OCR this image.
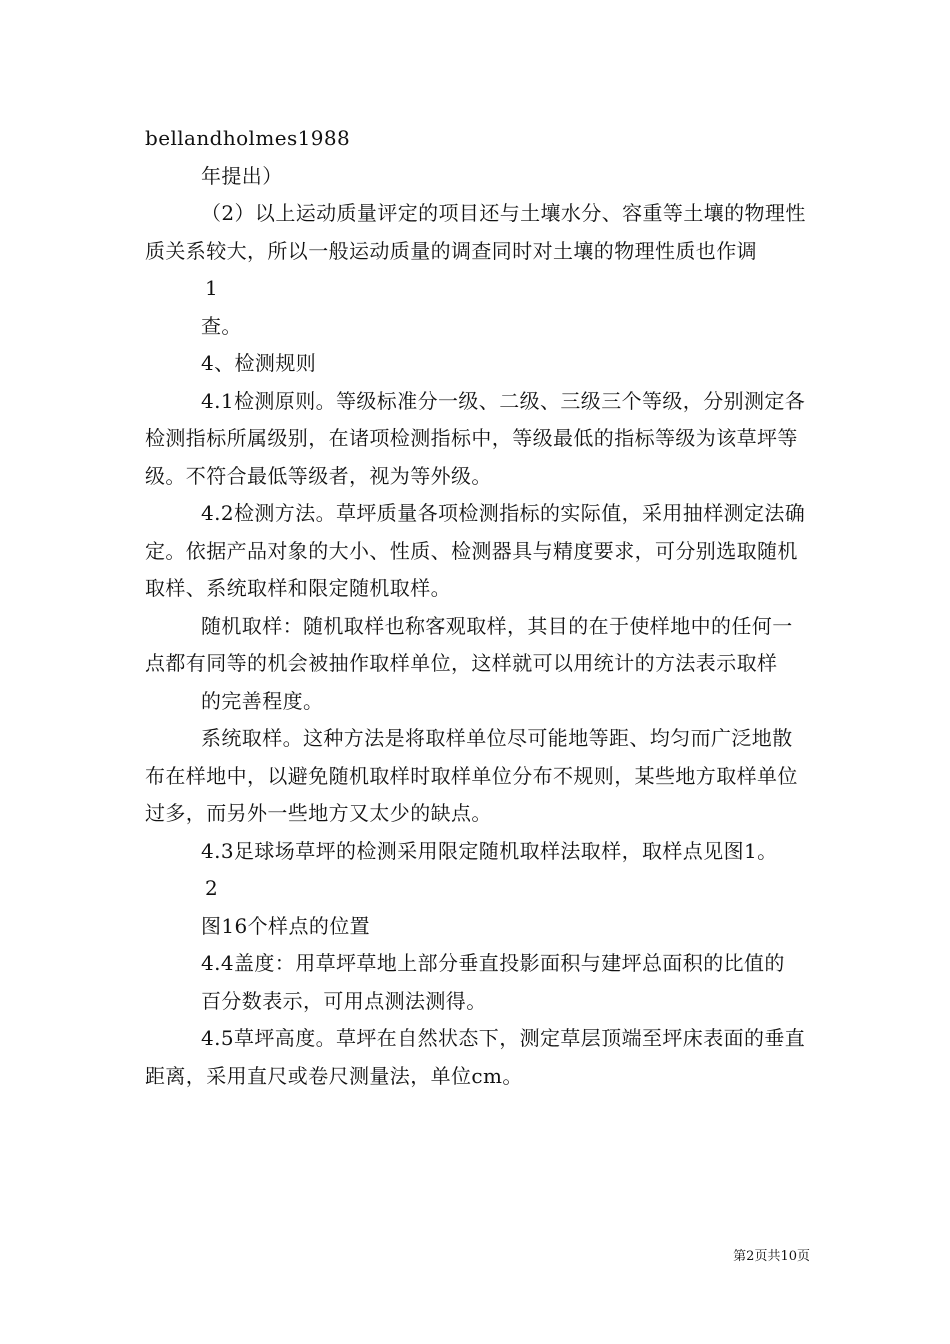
bellandholmes1988

年提出）

（2）以上运动质量评定的项目还与土壤水分、容重等土壤的物理性质关系较大，所以一般运动质量的调查同时对土壤的物理性质也作调

1

查。

4、检测规则

4.1检测原则。等级标准分一级、二级、三级三个等级，分别测定各检测指标所属级别，在诸项检测指标中，等级最低的指标等级为该草坪等级。不符合最低等级者，视为等外级。

4.2检测方法。草坪质量各项检测指标的实际值，采用抽样测定法确定。依据产品对象的大小、性质、检测器具与精度要求，可分别选取随机取样、系统取样和限定随机取样。

随机取样：随机取样也称客观取样，其目的在于使样地中的任何一点都有同等的机会被抽作取样单位，这样就可以用统计的方法表示取样

的完善程度。

系统取样。这种方法是将取样单位尽可能地等距、均匀而广泛地散布在样地中，以避免随机取样时取样单位分布不规则，某些地方取样单位过多，而另外一些地方又太少的缺点。

4.3足球场草坪的检测采用限定随机取样法取样，取样点见图1。

2

图16个样点的位置

4.4盖度：用草坪草地上部分垂直投影面积与建坪总面积的比值的

百分数表示，可用点测法测得。

4.5草坪高度。草坪在自然状态下，测定草层顶端至坪床表面的垂直距离，采用直尺或卷尺测量法，单位cm。

第2页共10页
